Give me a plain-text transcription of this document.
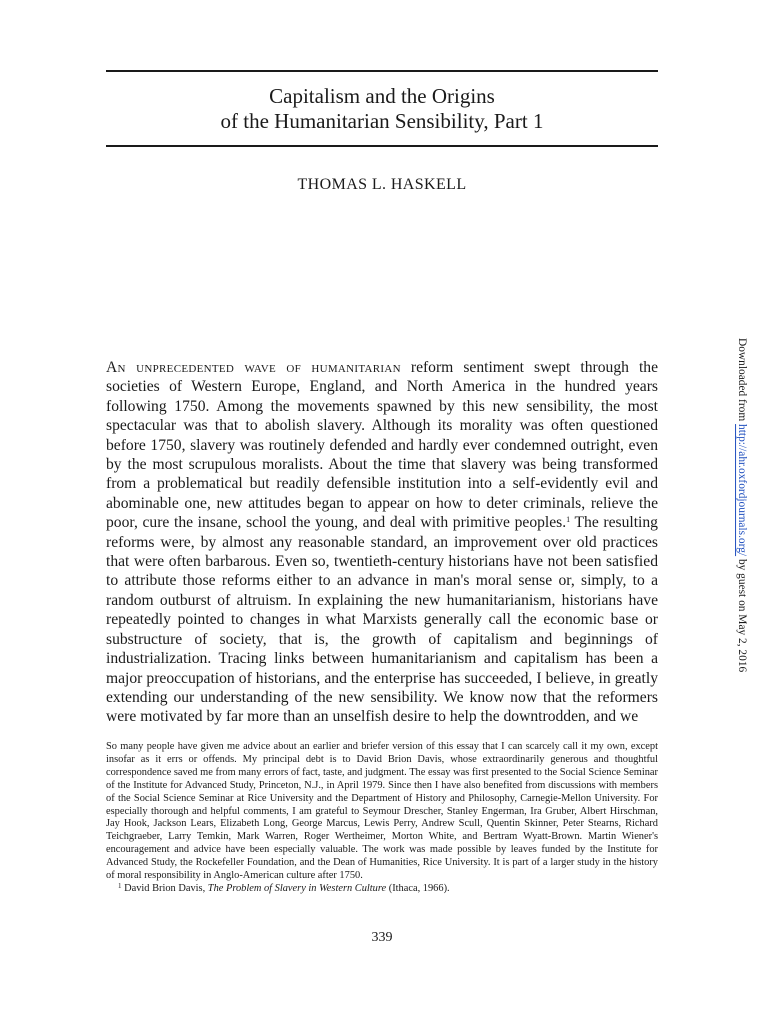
Capitalism and the Origins
of the Humanitarian Sensibility, Part 1
THOMAS L. HASKELL

An unprecedented wave of humanitarian reform sentiment swept through the societies of Western Europe, England, and North America in the hundred years following 1750. Among the movements spawned by this new sensibility, the most spectacular was that to abolish slavery. Although its morality was often questioned before 1750, slavery was routinely defended and hardly ever condemned outright, even by the most scrupulous moralists. About the time that slavery was being transformed from a problematical but readily defensible institution into a self-evidently evil and abominable one, new attitudes began to appear on how to deter criminals, relieve the poor, cure the insane, school the young, and deal with primitive peoples.$^1$ The resulting reforms were, by almost any reasonable standard, an improvement over old practices that were often barbarous. Even so, twentieth-century historians have not been satisfied to attribute those reforms either to an advance in man's moral sense or, simply, to a random outburst of altruism. In explaining the new humanitarianism, historians have repeatedly pointed to changes in what Marxists generally call the economic base or substructure of society, that is, the growth of capitalism and beginnings of industrialization. Tracing links between humanitarianism and capitalism has been a major preoccupation of historians, and the enterprise has succeeded, I believe, in greatly extending our understanding of the new sensibility. We know now that the reformers were motivated by far more than an unselfish desire to help the downtrodden, and we

So many people have given me advice about an earlier and briefer version of this essay that I can scarcely call it my own, except insofar as it errs or offends. My principal debt is to David Brion Davis, whose extraordinarily generous and thoughtful correspondence saved me from many errors of fact, taste, and judgment. The essay was first presented to the Social Science Seminar of the Institute for Advanced Study, Princeton, N.J., in April 1979. Since then I have also benefited from discussions with members of the Social Science Seminar at Rice University and the Department of History and Philosophy, Carnegie-Mellon University. For especially thorough and helpful comments, I am grateful to Seymour Drescher, Stanley Engerman, Ira Gruber, Albert Hirschman, Jay Hook, Jackson Lears, Elizabeth Long, George Marcus, Lewis Perry, Andrew Scull, Quentin Skinner, Peter Stearns, Richard Teichgraeber, Larry Temkin, Mark Warren, Roger Wertheimer, Morton White, and Bertram Wyatt-Brown. Martin Wiener's encouragement and advice have been especially valuable. The work was made possible by leaves funded by the Institute for Advanced Study, the Rockefeller Foundation, and the Dean of Humanities, Rice University. It is part of a larger study in the history of moral responsibility in Anglo-American culture after 1750.

$^1$ David Brion Davis, The Problem of Slavery in Western Culture (Ithaca, 1966).

339
Downloaded from http://ahr.oxfordjournals.org/ by guest on May 2, 2016
